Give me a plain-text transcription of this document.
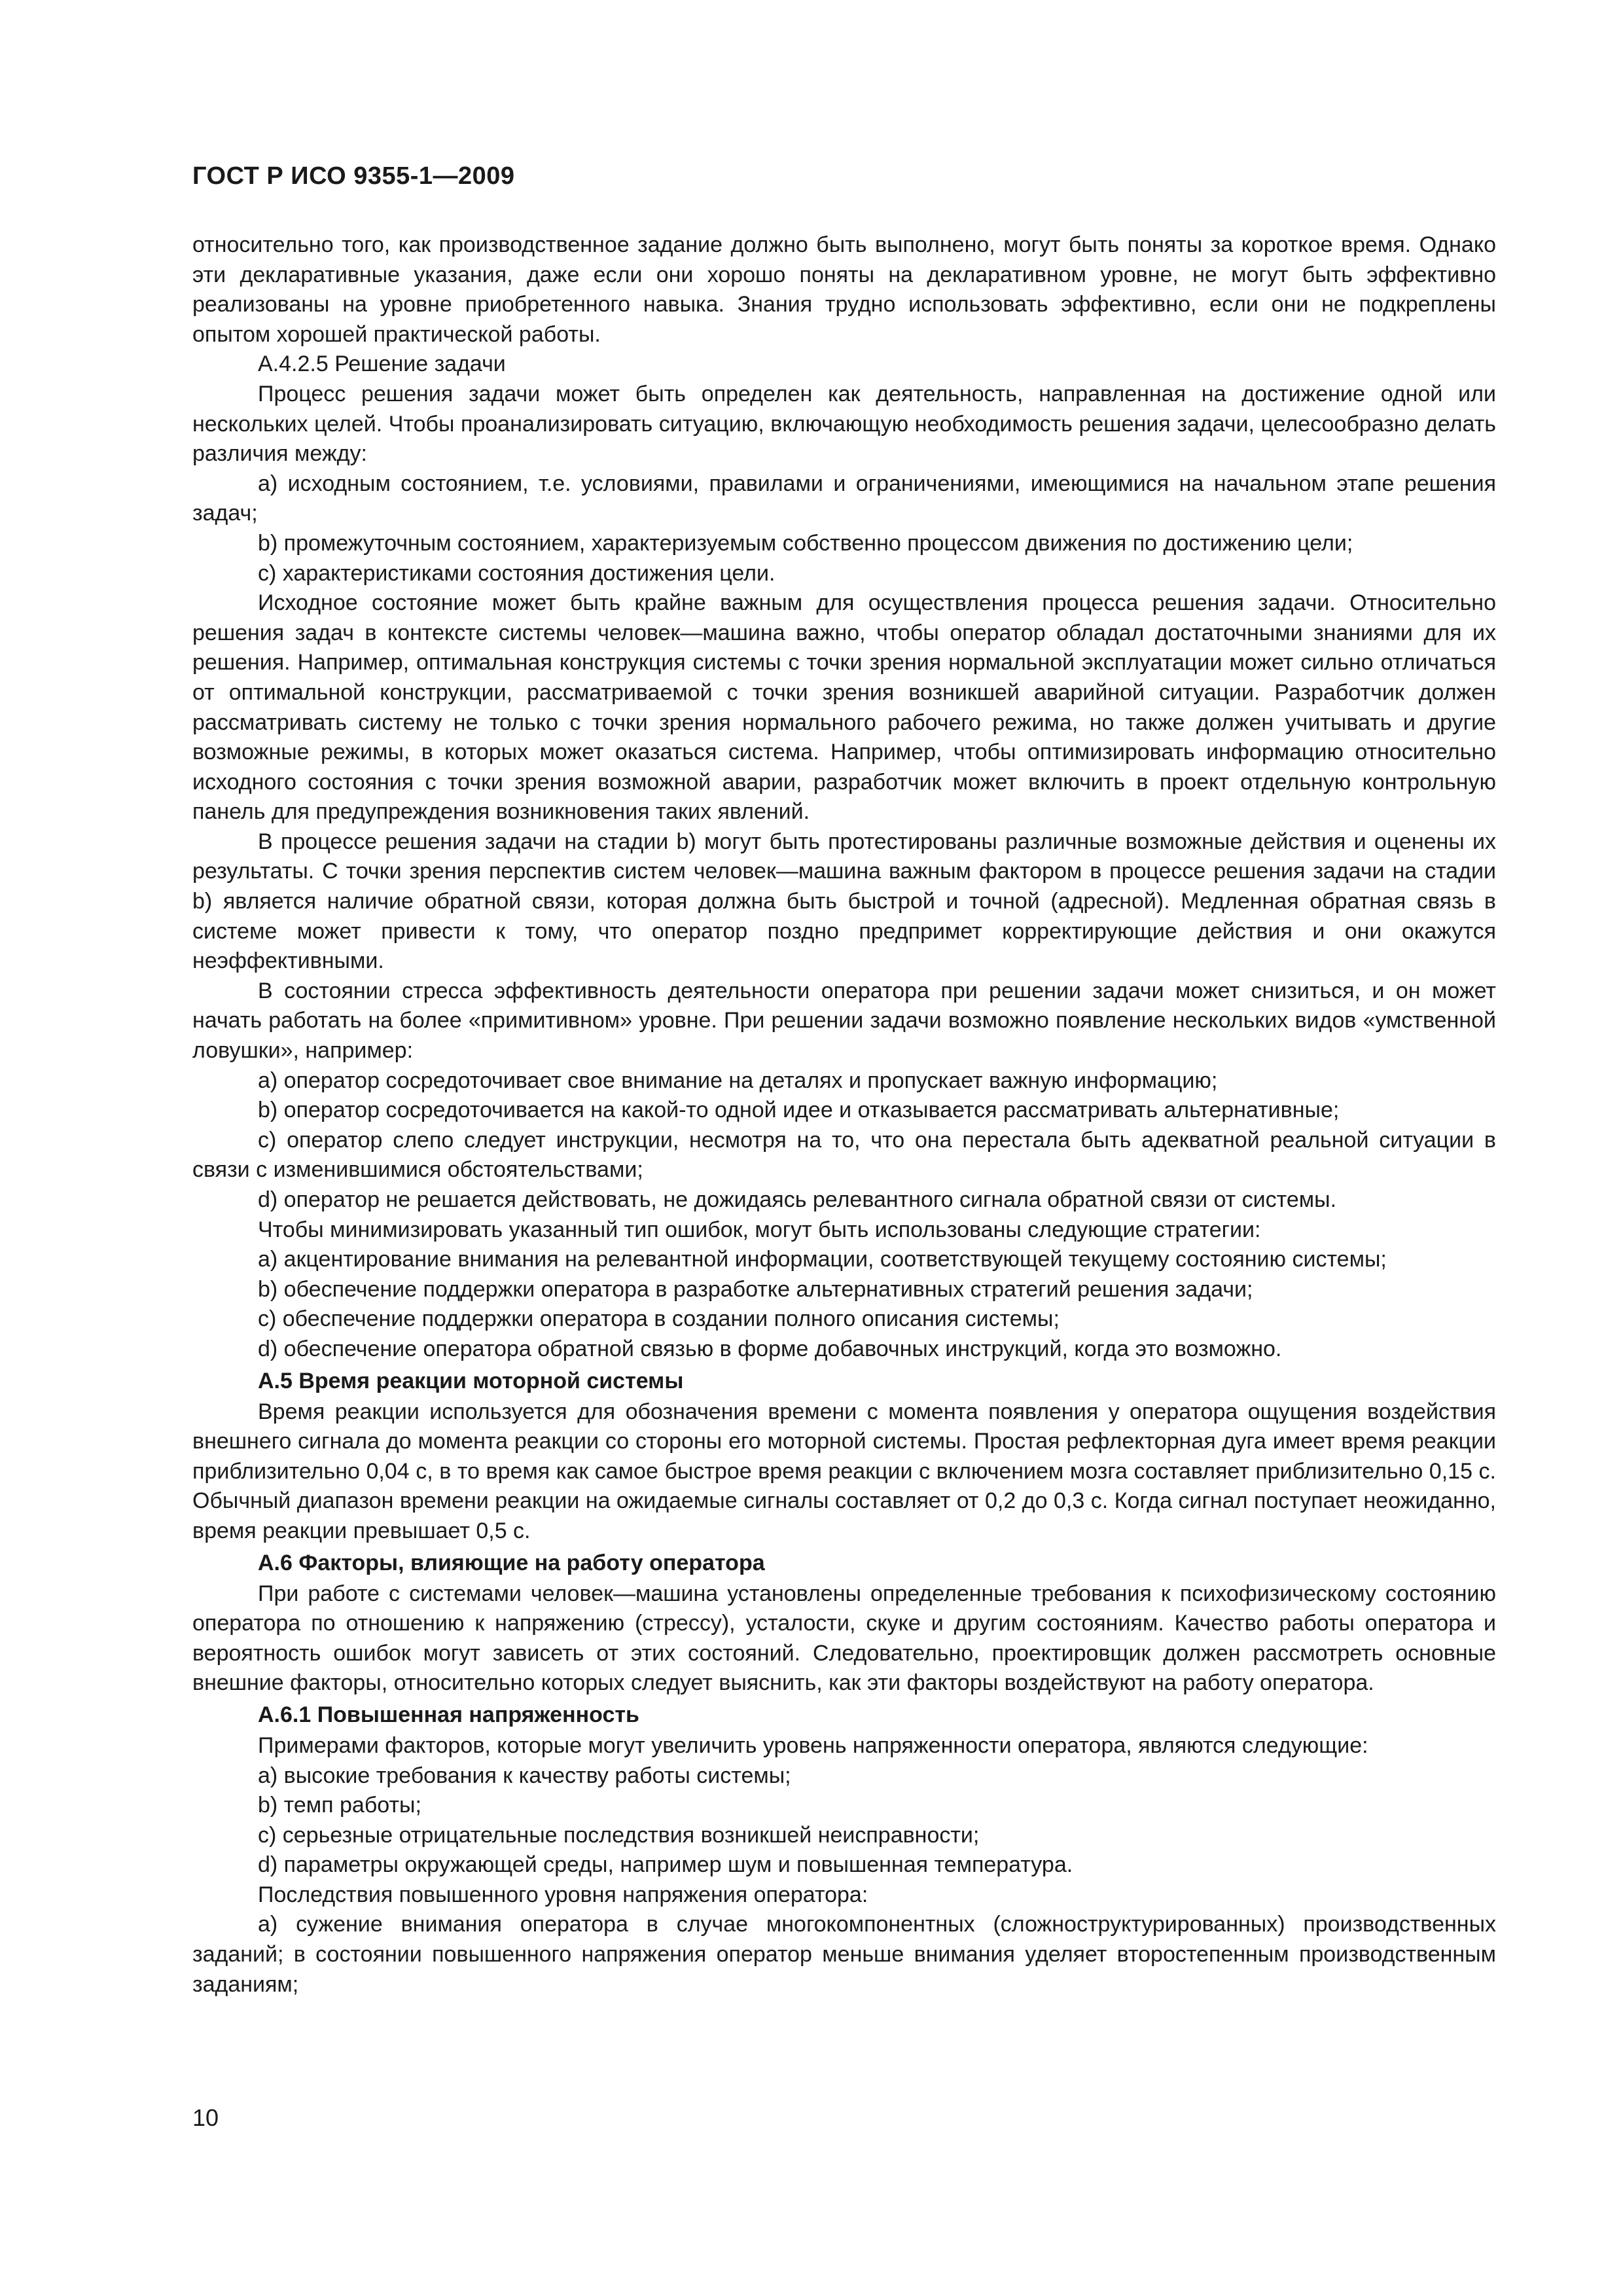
ГОСТ Р ИСО 9355-1—2009

относительно того, как производственное задание должно быть выполнено, могут быть поняты за короткое время. Однако эти декларативные указания, даже если они хорошо поняты на декларативном уровне, не могут быть эффективно реализованы на уровне приобретенного навыка. Знания трудно использовать эффективно, если они не подкреплены опытом хорошей практической работы.

А.4.2.5 Решение задачи

Процесс решения задачи может быть определен как деятельность, направленная на достижение одной или нескольких целей. Чтобы проанализировать ситуацию, включающую необходимость решения задачи, целесообразно делать различия между:

а) исходным состоянием, т.е. условиями, правилами и ограничениями, имеющимися на начальном этапе решения задач;

b) промежуточным состоянием, характеризуемым собственно процессом движения по достижению цели;

с) характеристиками состояния достижения цели.

Исходное состояние может быть крайне важным для осуществления процесса решения задачи. Относительно решения задач в контексте системы человек—машина важно, чтобы оператор обладал достаточными знаниями для их решения. Например, оптимальная конструкция системы с точки зрения нормальной эксплуатации может сильно отличаться от оптимальной конструкции, рассматриваемой с точки зрения возникшей аварийной ситуации. Разработчик должен рассматривать систему не только с точки зрения нормального рабочего режима, но также должен учитывать и другие возможные режимы, в которых может оказаться система. Например, чтобы оптимизировать информацию относительно исходного состояния с точки зрения возможной аварии, разработчик может включить в проект отдельную контрольную панель для предупреждения возникновения таких явлений.

В процессе решения задачи на стадии b) могут быть протестированы различные возможные действия и оценены их результаты. С точки зрения перспектив систем человек—машина важным фактором в процессе решения задачи на стадии b) является наличие обратной связи, которая должна быть быстрой и точной (адресной). Медленная обратная связь в системе может привести к тому, что оператор поздно предпримет корректирующие действия и они окажутся неэффективными.

В состоянии стресса эффективность деятельности оператора при решении задачи может снизиться, и он может начать работать на более «примитивном» уровне. При решении задачи возможно появление нескольких видов «умственной ловушки», например:

а) оператор сосредоточивает свое внимание на деталях и пропускает важную информацию;

b) оператор сосредоточивается на какой-то одной идее и отказывается рассматривать альтернативные;

с) оператор слепо следует инструкции, несмотря на то, что она перестала быть адекватной реальной ситуации в связи с изменившимися обстоятельствами;

d) оператор не решается действовать, не дожидаясь релевантного сигнала обратной связи от системы.

Чтобы минимизировать указанный тип ошибок, могут быть использованы следующие стратегии:

а) акцентирование внимания на релевантной информации, соответствующей текущему состоянию системы;

b) обеспечение поддержки оператора в разработке альтернативных стратегий решения задачи;

с) обеспечение поддержки оператора в создании полного описания системы;

d) обеспечение оператора обратной связью в форме добавочных инструкций, когда это возможно.

А.5 Время реакции моторной системы

Время реакции используется для обозначения времени с момента появления у оператора ощущения воздействия внешнего сигнала до момента реакции со стороны его моторной системы. Простая рефлекторная дуга имеет время реакции приблизительно 0,04 с, в то время как самое быстрое время реакции с включением мозга составляет приблизительно 0,15 с. Обычный диапазон времени реакции на ожидаемые сигналы составляет от 0,2 до 0,3 с. Когда сигнал поступает неожиданно, время реакции превышает 0,5 с.

А.6 Факторы, влияющие на работу оператора

При работе с системами человек—машина установлены определенные требования к психофизическому состоянию оператора по отношению к напряжению (стрессу), усталости, скуке и другим состояниям. Качество работы оператора и вероятность ошибок могут зависеть от этих состояний. Следовательно, проектировщик должен рассмотреть основные внешние факторы, относительно которых следует выяснить, как эти факторы воздействуют на работу оператора.

А.6.1 Повышенная напряженность

Примерами факторов, которые могут увеличить уровень напряженности оператора, являются следующие:

а) высокие требования к качеству работы системы;

b) темп работы;

с) серьезные отрицательные последствия возникшей неисправности;

d) параметры окружающей среды, например шум и повышенная температура.

Последствия повышенного уровня напряжения оператора:

а) сужение внимания оператора в случае многокомпонентных (сложноструктурированных) производственных заданий; в состоянии повышенного напряжения оператор меньше внимания уделяет второстепенным производственным заданиям;

10
